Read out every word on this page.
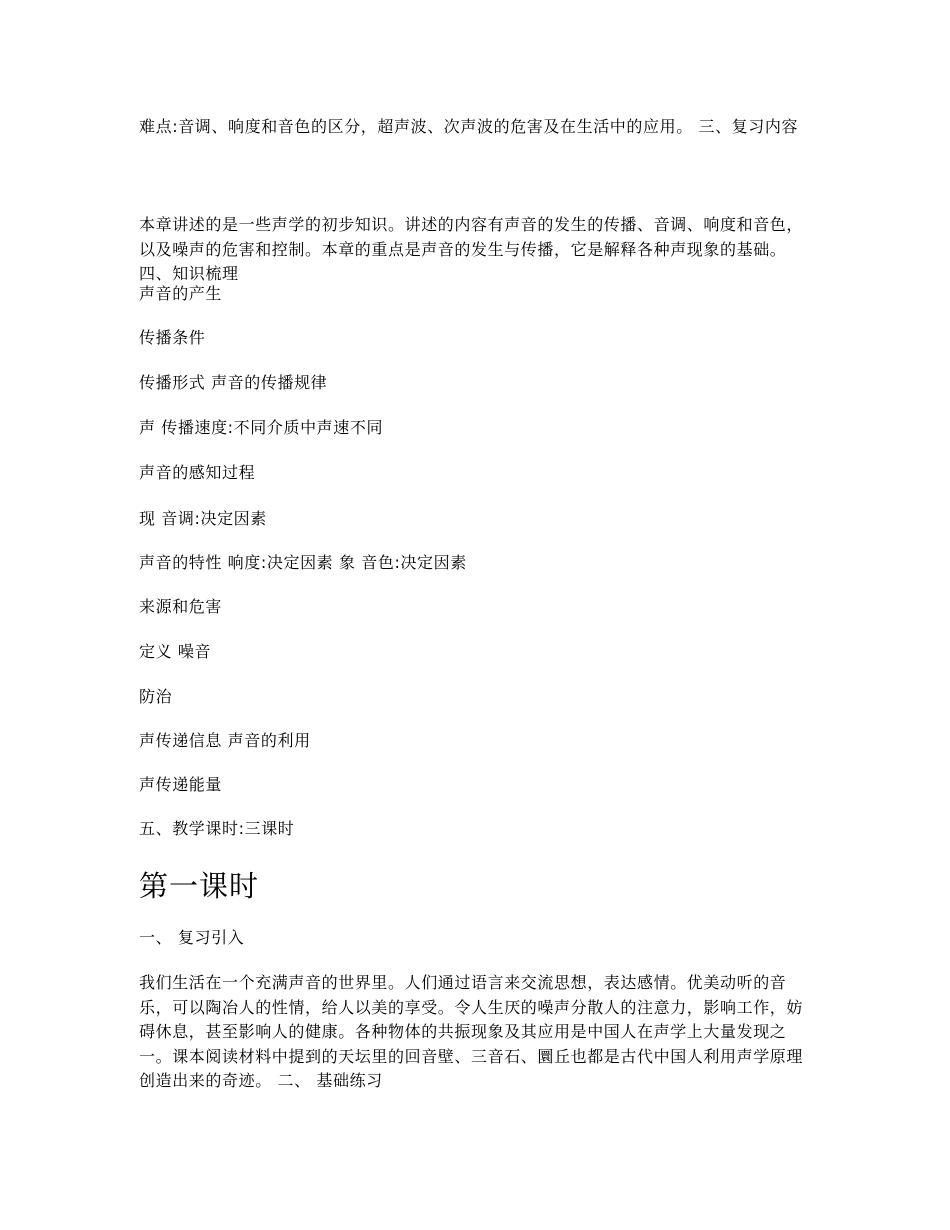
难点:音调、响度和音色的区分，超声波、次声波的危害及在生活中的应用。 三、复习内容

本章讲述的是一些声学的初步知识。讲述的内容有声音的发生的传播、音调、响度和音色，以及噪声的危害和控制。本章的重点是声音的发生与传播，它是解释各种声现象的基础。 四、知识梳理

声音的产生

传播条件

传播形式 声音的传播规律

声 传播速度:不同介质中声速不同

声音的感知过程

现 音调:决定因素

声音的特性 响度:决定因素 象 音色:决定因素

来源和危害

定义 噪音

防治

声传递信息 声音的利用

声传递能量

五、教学课时:三课时

第一课时

一、 复习引入

我们生活在一个充满声音的世界里。人们通过语言来交流思想，表达感情。优美动听的音乐，可以陶冶人的性情，给人以美的享受。令人生厌的噪声分散人的注意力，影响工作，妨碍休息，甚至影响人的健康。各种物体的共振现象及其应用是中国人在声学上大量发现之一。课本阅读材料中提到的天坛里的回音壁、三音石、圜丘也都是古代中国人利用声学原理创造出来的奇迹。 二、 基础练习
